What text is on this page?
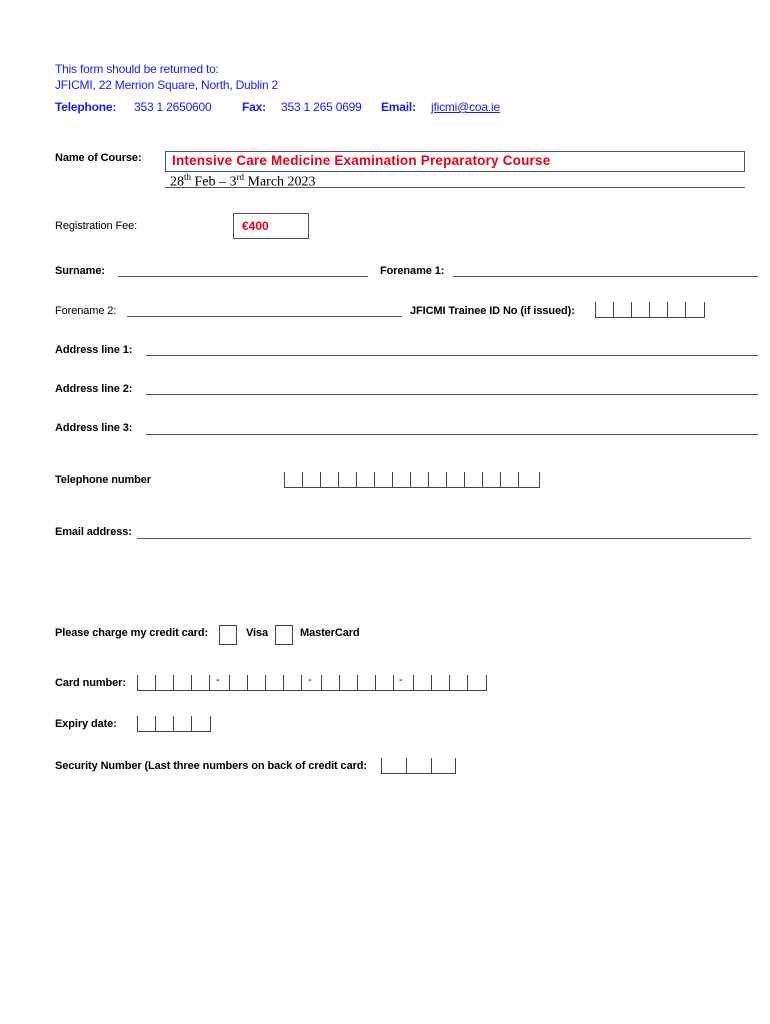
This form should be returned to:
JFICMI, 22 Merrion Square, North, Dublin 2
Telephone: 353 1 2650600	Fax: 353 1 265 0699 Email: jficmi@coa.ie
Name of Course: Intensive Care Medicine Examination Preparatory Course
28th Feb – 3rd March 2023
Registration Fee:	€400
Surname:	Forename 1:
Forename 2:	JFICMI Trainee ID No (if issued):
Address line 1:
Address line 2:
Address line 3:
Telephone number
Email address:
Please charge my credit card:	Visa	MasterCard
Card number:	-	-	-
Expiry date:
Security Number (Last three numbers on back of credit card:
